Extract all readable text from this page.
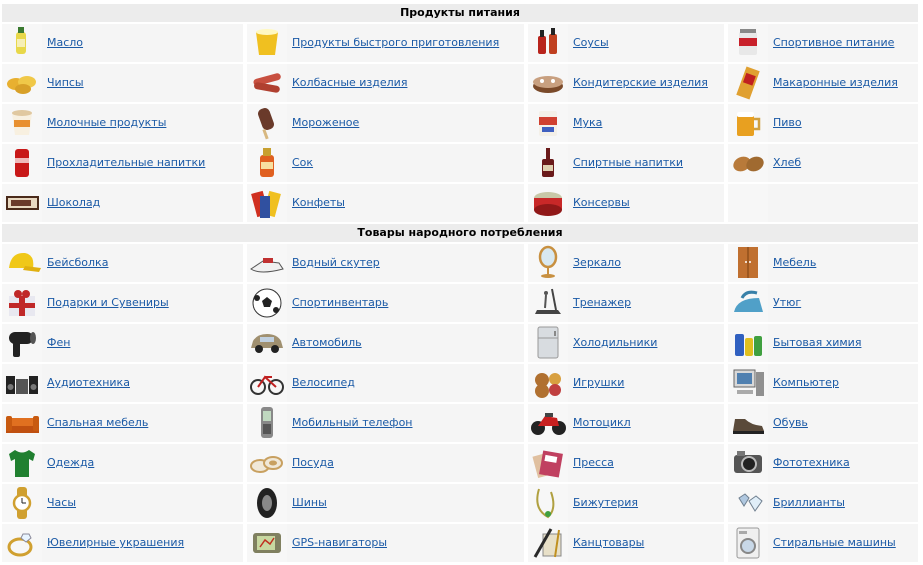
Продукты питания
Масло	Продукты быстрого приготовления	Соусы	Спортивное питание
Чипсы	Колбасные изделия	Кондитерские изделия	Макаронные изделия
Молочные продукты	Мороженое	Мука	Пиво
Прохладительные напитки	Сок	Спиртные напитки	Хлеб
Шоколад	Конфеты	Консервы
Товары народного потребления
Бейсболка	Водный скутер	Зеркало	Мебель
Подарки и Сувениры	Спортинвентарь	Тренажер	Утюг
Фен	Автомобиль	Холодильники	Бытовая химия
Аудиотехника	Велосипед	Игрушки	Компьютер
Спальная мебель	Мобильный телефон	Мотоцикл	Обувь
Одежда	Посуда	Пресса	Фототехника
Часы	Шины	Бижутерия	Бриллианты
Ювелирные украшения	GPS-навигаторы	Канцтовары	Стиральные машины
